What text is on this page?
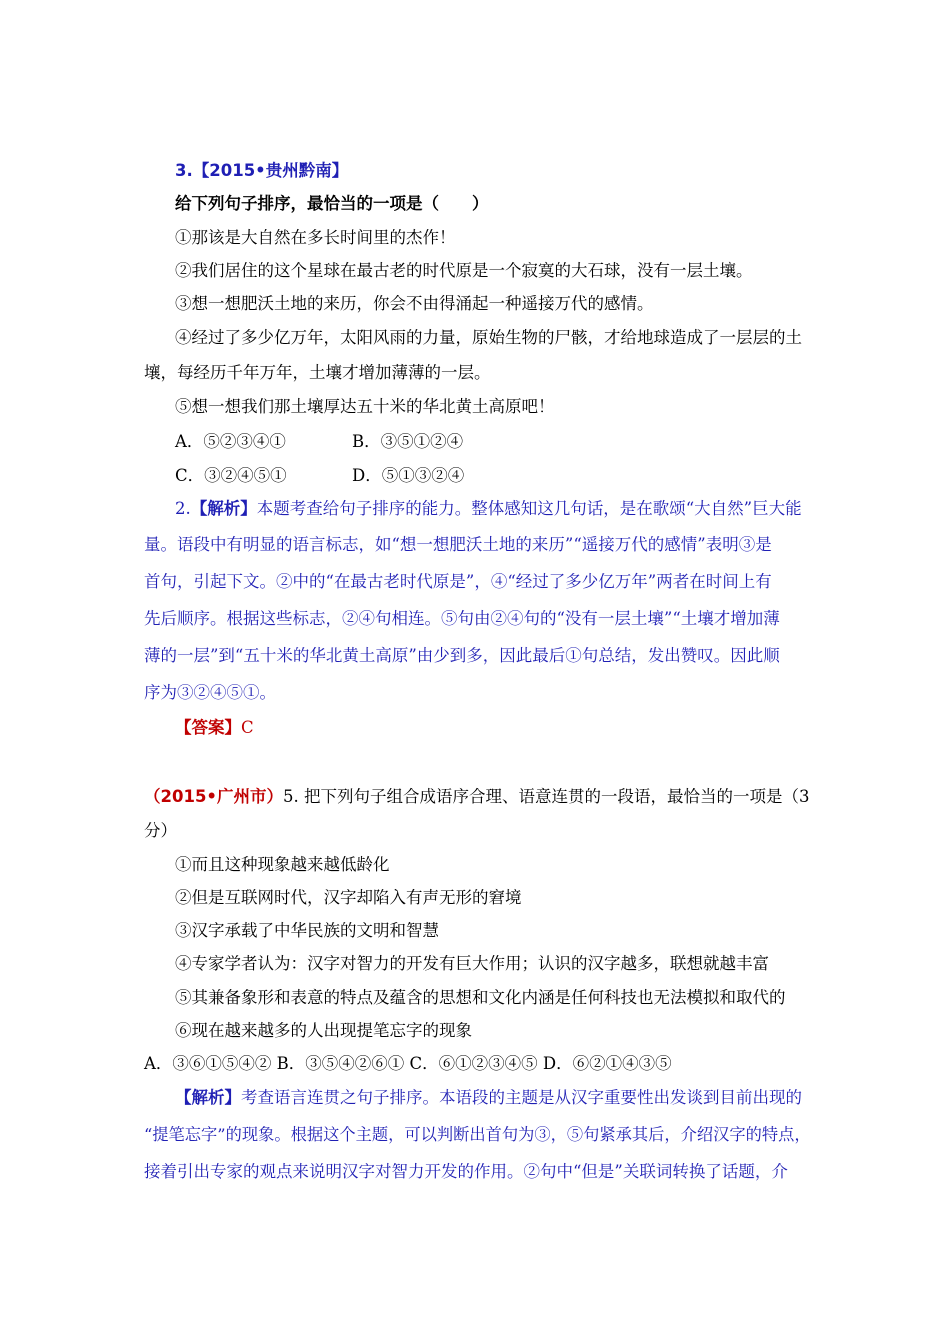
3.【2015•贵州黔南】
给下列句子排序，最恰当的一项是（　　）
①那该是大自然在多长时间里的杰作！
②我们居住的这个星球在最古老的时代原是一个寂寞的大石球，没有一层土壤。
③想一想肥沃土地的来历，你会不由得涌起一种遥接万代的感情。
④经过了多少亿万年，太阳风雨的力量，原始生物的尸骸，才给地球造成了一层层的土
壤，每经历千年万年，土壤才增加薄薄的一层。
⑤想一想我们那土壤厚达五十米的华北黄土高原吧！
A．⑤②③④①	B．③⑤①②④
C．③②④⑤①	D．⑤①③②④
2.【解析】本题考查给句子排序的能力。整体感知这几句话，是在歌颂“大自然”巨大能
量。语段中有明显的语言标志，如“想一想肥沃土地的来历”“遥接万代的感情”表明③是
首句，引起下文。②中的“在最古老时代原是”，④“经过了多少亿万年”两者在时间上有
先后顺序。根据这些标志，②④句相连。⑤句由②④句的“没有一层土壤”“土壤才增加薄
薄的一层”到“五十米的华北黄土高原”由少到多，因此最后①句总结，发出赞叹。因此顺
序为③②④⑤①。
【答案】C
（2015•广州市）5. 把下列句子组合成语序合理、语意连贯的一段语，最恰当的一项是（3
分）
①而且这种现象越来越低龄化
②但是互联网时代，汉字却陷入有声无形的窘境
③汉字承载了中华民族的文明和智慧
④专家学者认为：汉字对智力的开发有巨大作用；认识的汉字越多，联想就越丰富
⑤其兼备象形和表意的特点及蕴含的思想和文化内涵是任何科技也无法模拟和取代的
⑥现在越来越多的人出现提笔忘字的现象
A．③⑥①⑤④② B．③⑤④②⑥① C．⑥①②③④⑤ D．⑥②①④③⑤
【解析】考查语言连贯之句子排序。本语段的主题是从汉字重要性出发谈到目前出现的
“提笔忘字”的现象。根据这个主题，可以判断出首句为③，⑤句紧承其后，介绍汉字的特点，
接着引出专家的观点来说明汉字对智力开发的作用。②句中“但是”关联词转换了话题，介
